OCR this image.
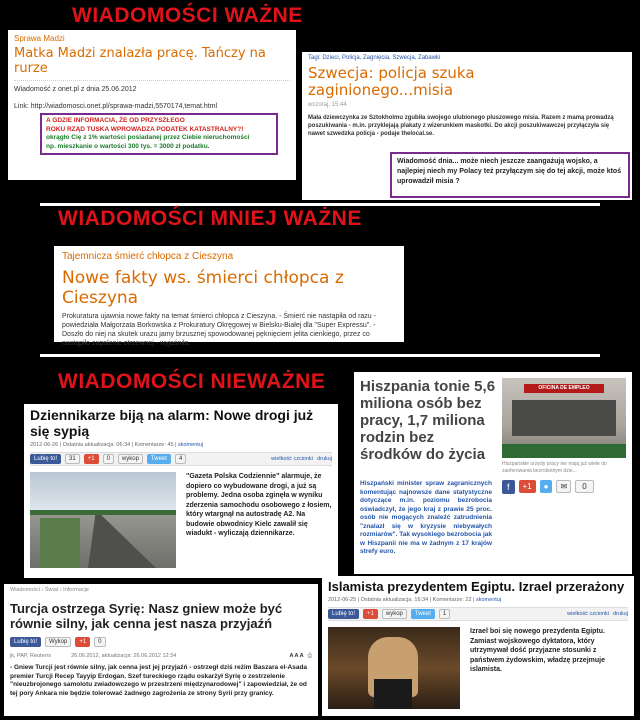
WIADOMOŚCI WAŻNE
Sprawa Madzi
Matka Madzi znalazła pracę. Tańczy na rurze
Wiadomość z onet.pl z dnia 25.06.2012
Link: http://wiadomosci.onet.pl/sprawa-madzi,5570174,temat.html
A GDZIE INFORMACIA, ŻE OD PRZYSZŁEGO
ROKU RZĄD TUSKA WPROWADZA PODATEK KATASTRALNY?!
okrągło Cię z 1% wartości posiadanej przez Ciebie nieruchomości
np. mieszkanie o wartości 300 tys. = 3000 zł podatku.
Tagi: Dzieci, Policja, Zagnięcia, Szwecja, Zabawki
Szwecja: policja szuka
zaginionego...misia
wczoraj, 15:44
Mała dziewczynka ze Sztokholmu zgubiła swojego ulubionego pluszowego misia. Razem z mamą prowadzą poszukiwania - m.in. przyklejają plakaty z wizerunkiem maskotki. Do akcji poszukiwawczej przyłączyła się nawet szwedzka policja - podaje thelocal.se.
Wiadomość dnia... może niech jeszcze zaangażują wojsko, a najlepiej niech my Polacy też przyłączym się do tej akcji, może ktoś uprowadził misia ?
WIADOMOŚCI MNIEJ WAŻNE
Tajemnicza śmierć chłopca z Cieszyna
Nowe fakty ws. śmierci chłopca z Cieszyna
Prokuratura ujawnia nowe fakty na temat śmierci chłopca z Cieszyna. - Śmierć nie nastąpiła od razu - powiedziała Małgorzata Borkowska z Prokuratury Okręgowej w Bielsku-Białej dla "Super Expressu". - Doszło do niej na skutek urazu jamy brzusznej spowodowanej pęknięciem jelita cienkiego, przez co nastąpiło zapalenie otrzewnej - wyjaśniła.
WIADOMOŚCI NIEWAŻNE
Dziennikarze biją na alarm: Nowe drogi już się sypią
2012-06-26 | Ostatnia aktualizacja: 06:34 | Komentarze: 45 | skomentuj
Lubię to!	31	+1	0	wykop	Tweet	4	wielkość czcionki drukuj
"Gazeta Polska Codziennie" alarmuje, że dopiero co wybudowane drogi, a już są problemy. Jedna osoba zginęła w wyniku zderzenia samochodu osobowego z łosiem, który wtargnął na autostradę A2. Na budowie obwodnicy Kielc zawalił się wiadukt - wyliczają dziennikarze.
Hiszpania tonie 5,6 miliona osób bez pracy, 1,7 miliona rodzin bez środków do życia
OFICINA DE EMPLEO
Hiszpańskie urzędy pracy nie mają już wiele do zaoferowania bezrobotnym dzie...
Hiszpański minister spraw zagranicznych komentując najnowsze dane statystyczne dotyczące m.in. poziomu bezrobocia oświadczył, że jego kraj z prawie 25 proc. osób nie mogących znaleźć zatrudnienia "znalazł się w kryzysie niebywałych rozmiarów". Tak wysokiego bezrobocia jak w Hiszpanii nie ma w żadnym z 17 krajów strefy euro.
f	+1	●	✉	0
Wiadomości › Świat › Informacje
Turcja ostrzega Syrię: Nasz gniew może być równie silny, jak cenna jest nasza przyjaźń
Lubię to!	Wykop	+1	0
jk, PAP, Reuterrs	26.06.2012, aktualizacja: 26.06.2012 12:34	A A A ⎙
- Gniew Turcji jest równie silny, jak cenna jest jej przyjaźń - ostrzegł dziś reżim Baszara el-Asada premier Turcji Recep Tayyip Erdogan. Szef tureckiego rządu oskarżył Syrię o zestrzelenie "nieuzbrojonego samolotu zwiadowczego w przestrzeni międzynarodowej" i zapowiedział, że od tej pory Ankara nie będzie tolerować żadnego zagrożenia ze strony Syrii przy granicy.
Islamista prezydentem Egiptu. Izrael przerażony
2012-06-25 | Ostatnia aktualizacja: 16:34 | Komentarze: 22 | skomentuj
Lubię to!	+1	wykop	Tweet	1	wielkość czcionki drukuj
Izrael boi się nowego prezydenta Egiptu. Zamiast wojskowego dyktatora, który utrzymywał dość przyjazne stosunki z państwem żydowskim, władzę przejmuje islamista.
